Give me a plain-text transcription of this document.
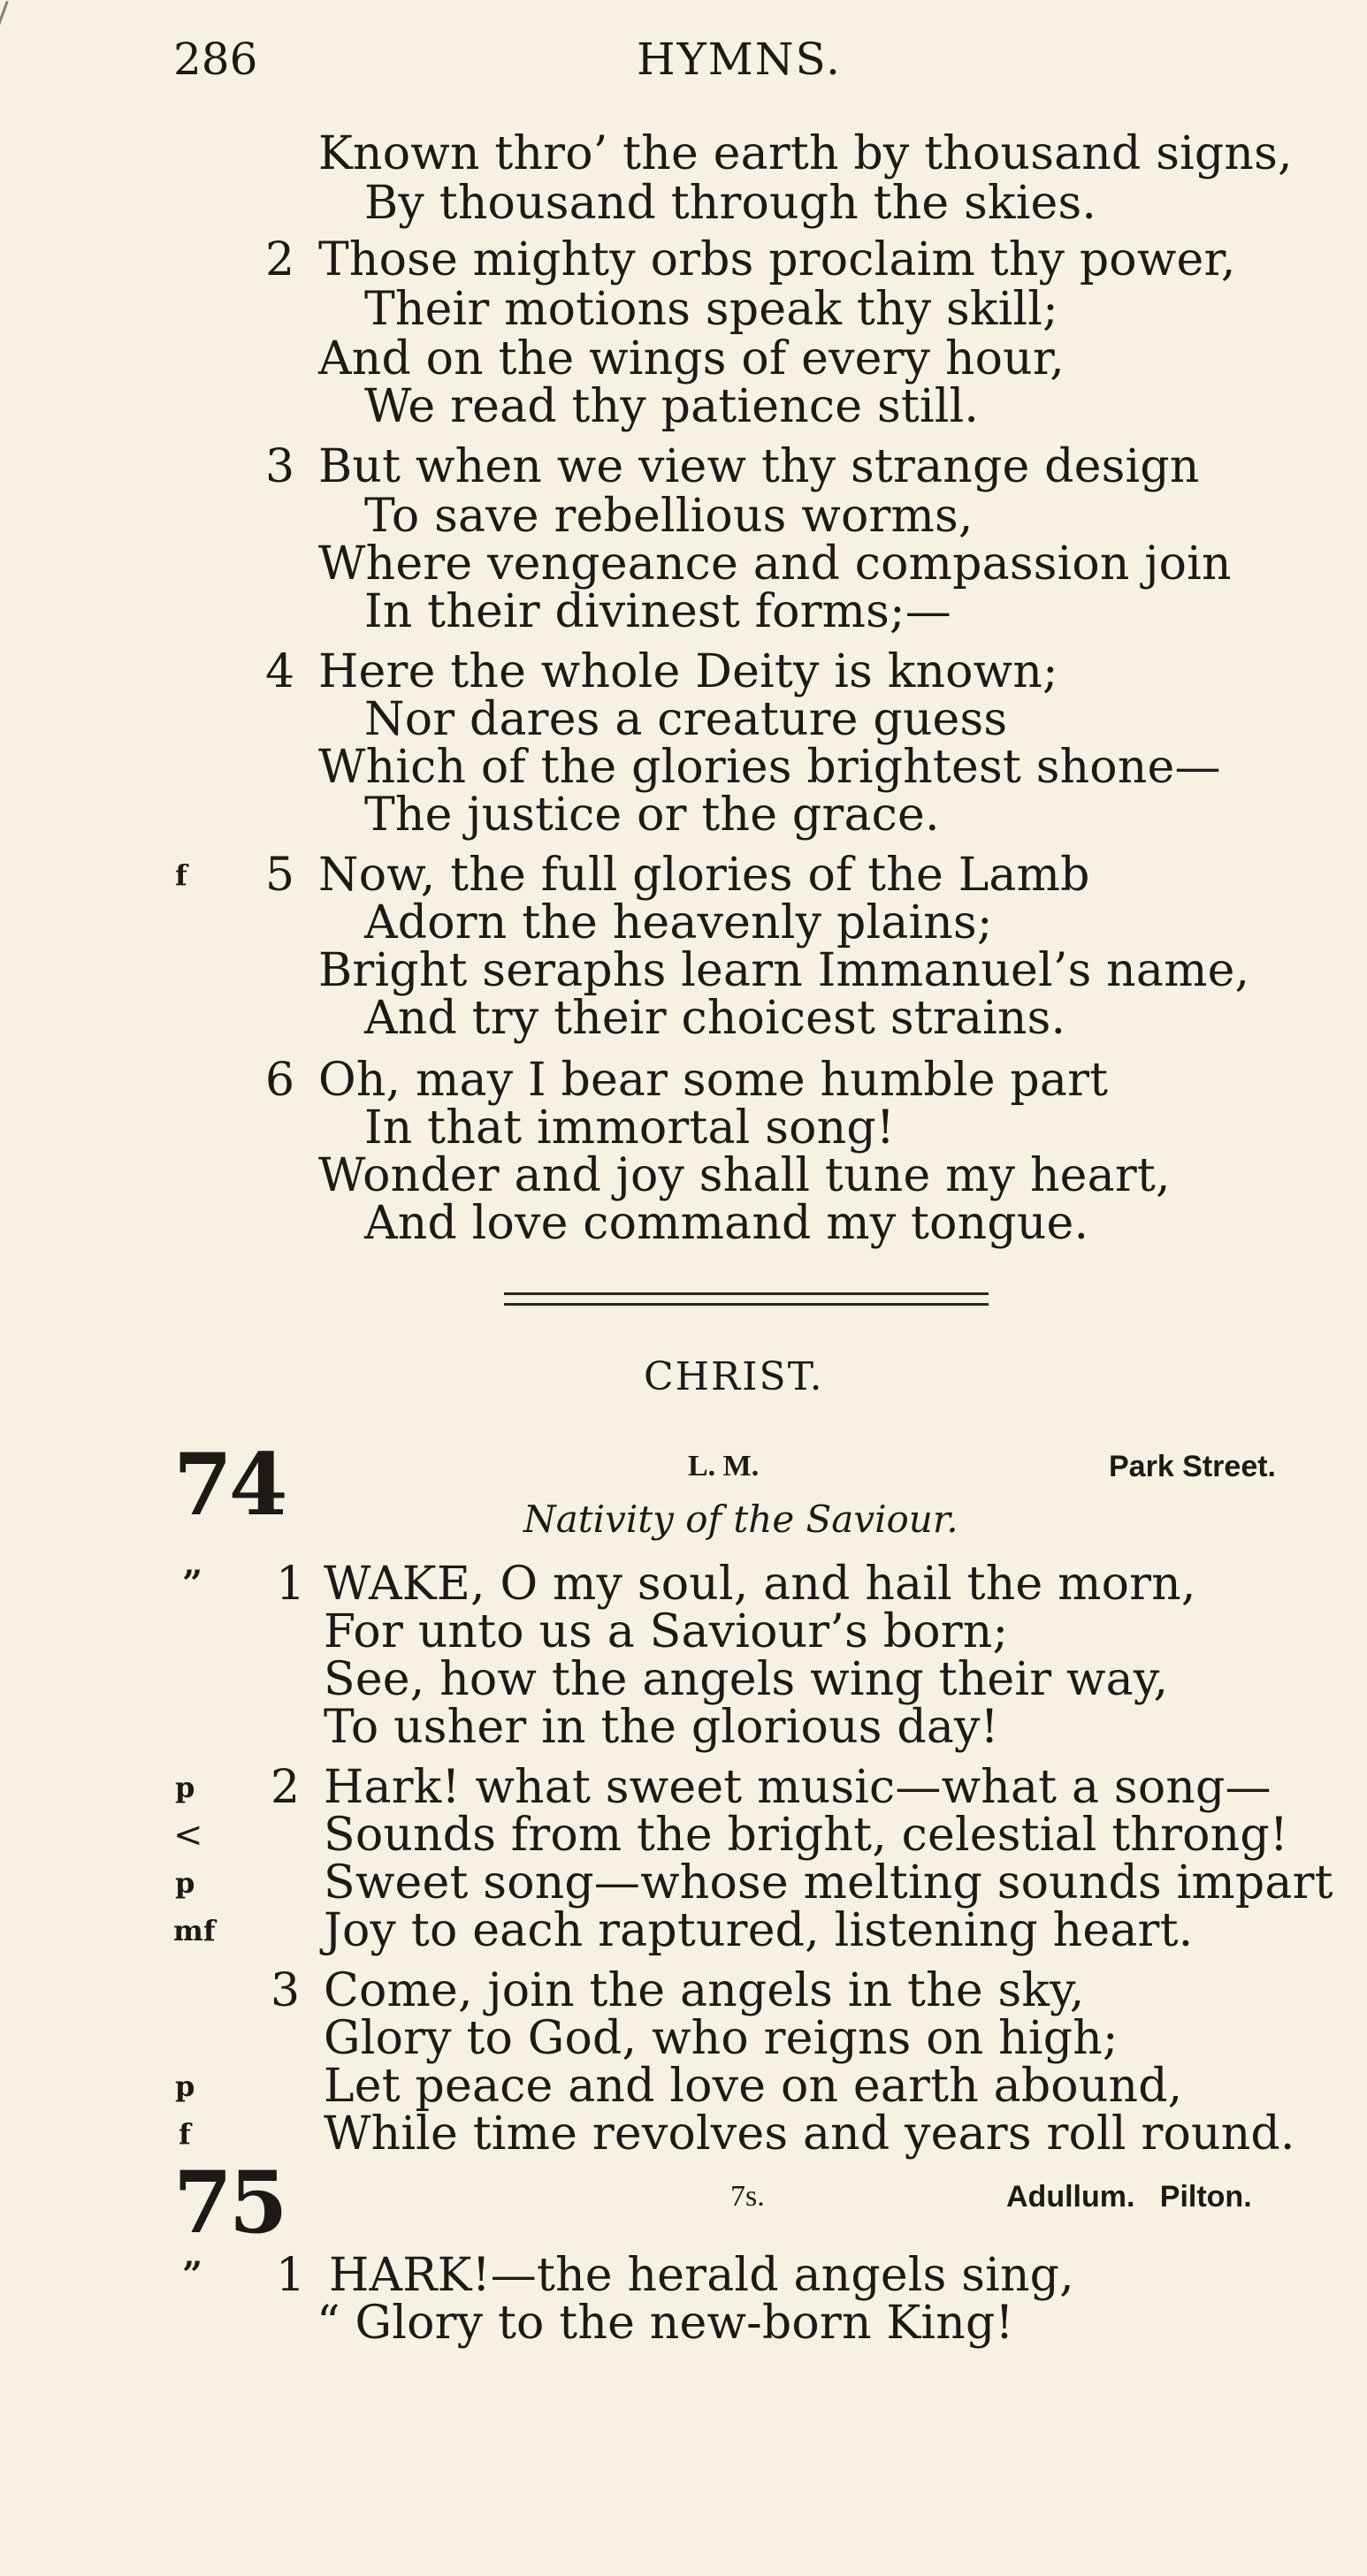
286	HYMNS.
Known thro’ the earth by thousand signs,
By thousand through the skies.
2 Those mighty orbs proclaim thy power,
Their motions speak thy skill;
And on the wings of every hour,
We read thy patience still.
3 But when we view thy strange design
To save rebellious worms,
Where vengeance and compassion join
In their divinest forms;—
4 Here the whole Deity is known;
Nor dares a creature guess
Which of the glories brightest shone—
The justice or the grace.
f 5 Now, the full glories of the Lamb
Adorn the heavenly plains;
Bright seraphs learn Immanuel’s name,
And try their choicest strains.
6 Oh, may I bear some humble part
In that immortal song!
Wonder and joy shall tune my heart,
And love command my tongue.
CHRIST.
74	L. M.	Park Street.
Nativity of the Saviour.
” 1 WAKE, O my soul, and hail the morn,
For unto us a Saviour’s born;
See, how the angels wing their way,
To usher in the glorious day!
p 2 Hark! what sweet music—what a song—
<	Sounds from the bright, celestial throng!
p	Sweet song—whose melting sounds impart
mf Joy to each raptured, listening heart.
3 Come, join the angels in the sky,
Glory to God, who reigns on high;
p	Let peace and love on earth abound,
f	While time revolves and years roll round.
75	7s.	Adullum.   Pilton.
” 1 HARK!—the herald angels sing,
“ Glory to the new-born King!
